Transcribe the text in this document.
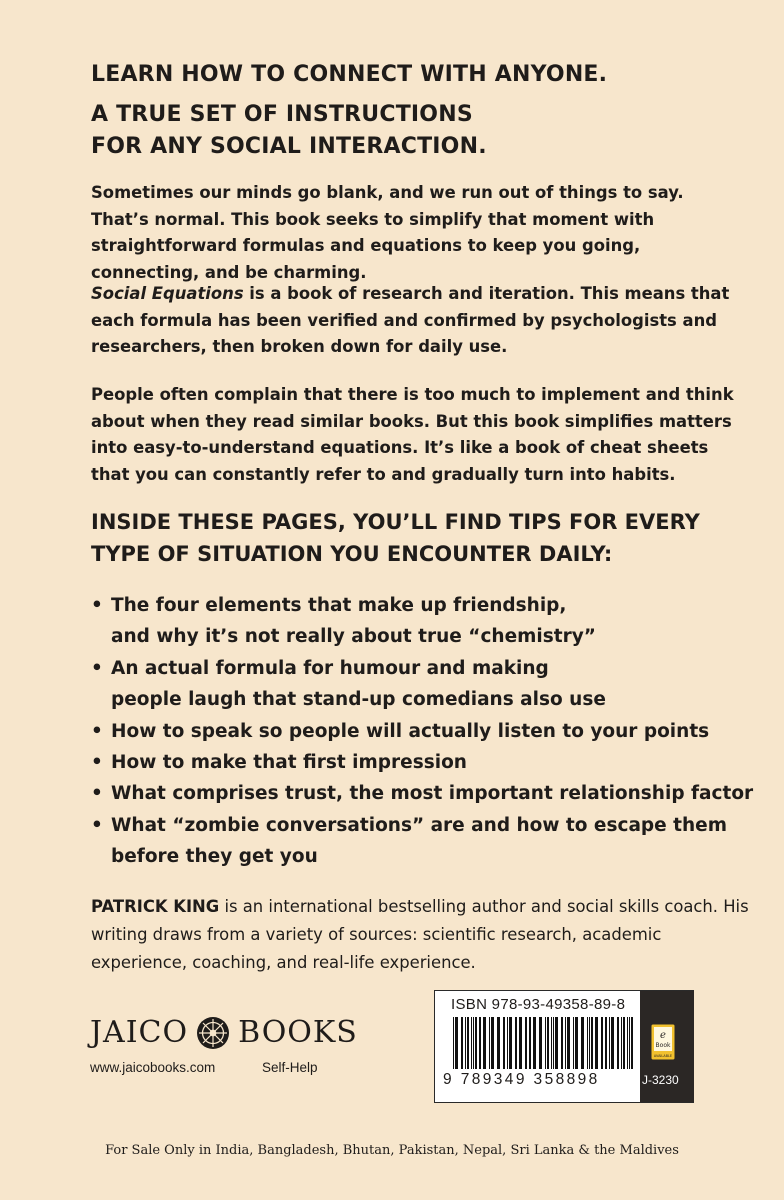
LEARN HOW TO CONNECT WITH ANYONE.
A TRUE SET OF INSTRUCTIONS
FOR ANY SOCIAL INTERACTION.

Sometimes our minds go blank, and we run out of things to say. That’s normal. This book seeks to simplify that moment with straightforward formulas and equations to keep you going, connecting, and be charming.

Social Equations is a book of research and iteration. This means that each formula has been verified and confirmed by psychologists and researchers, then broken down for daily use.

People often complain that there is too much to implement and think about when they read similar books. But this book simplifies matters into easy-to-understand equations. It’s like a book of cheat sheets that you can constantly refer to and gradually turn into habits.

INSIDE THESE PAGES, YOU’LL FIND TIPS FOR EVERY TYPE OF SITUATION YOU ENCOUNTER DAILY:
• The four elements that make up friendship,
and why it’s not really about true “chemistry”
• An actual formula for humour and making
people laugh that stand-up comedians also use
• How to speak so people will actually listen to your points
• How to make that first impression
• What comprises trust, the most important relationship factor
• What “zombie conversations” are and how to escape them
before they get you

PATRICK KING is an international bestselling author and social skills coach. His writing draws from a variety of sources: scientific research, academic experience, coaching, and real-life experience.

JAICO BOOKS
www.jaicobooks.com	Self-Help
ISBN 978-93-49358-89-8
9 789349 358898
e
Book
AVAILABLE
J-3230
For Sale Only in India, Bangladesh, Bhutan, Pakistan, Nepal, Sri Lanka & the Maldives
